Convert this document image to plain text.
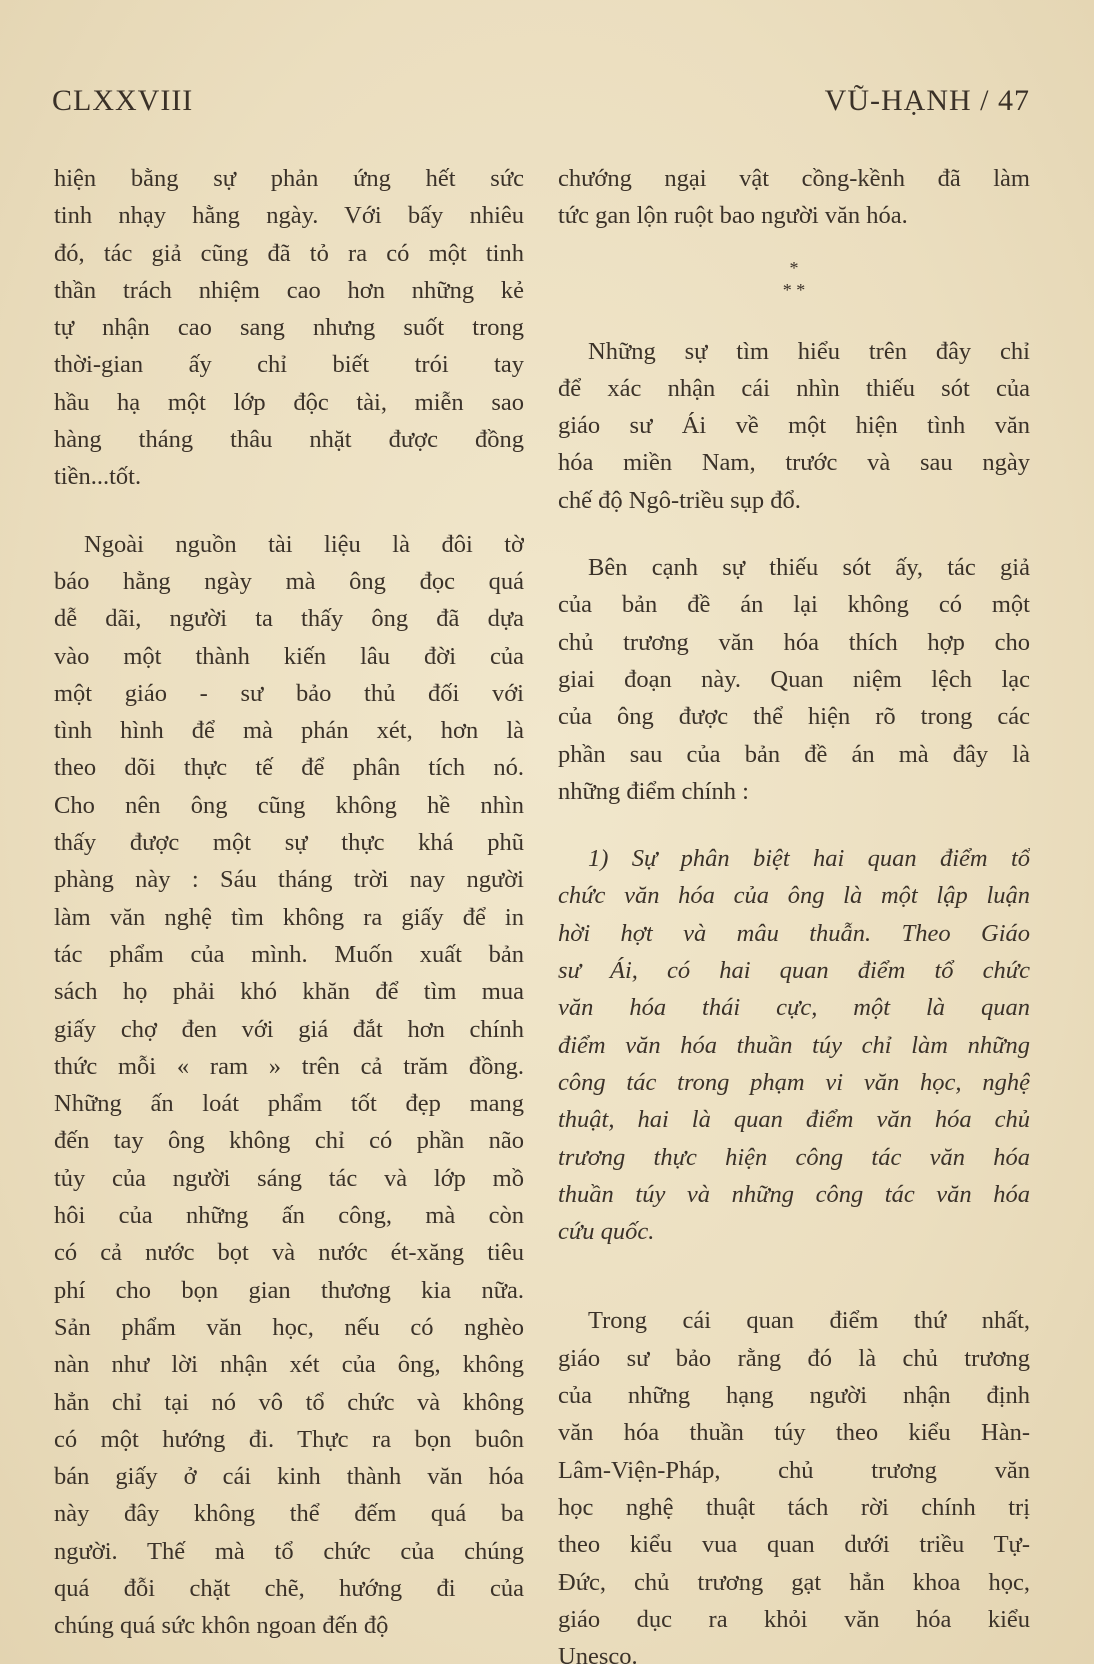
CLXXVIII	VŨ-HẠNH / 47
hiện bằng sự phản ứng hết sức
tinh nhạy hằng ngày. Với bấy nhiêu
đó, tác giả cũng đã tỏ ra có một tinh
thần trách nhiệm cao hơn những kẻ
tự nhận cao sang nhưng suốt trong
thời-gian ấy chỉ biết trói tay
hầu hạ một lớp độc tài, miễn sao
hàng tháng thâu nhặt được đồng
tiền...tốt.
Ngoài nguồn tài liệu là đôi tờ
báo hằng ngày mà ông đọc quá
dễ dãi, người ta thấy ông đã dựa
vào một thành kiến lâu đời của
một giáo - sư bảo thủ đối với
tình hình để mà phán xét, hơn là
theo dõi thực tế để phân tích nó.
Cho nên ông cũng không hề nhìn
thấy được một sự thực khá phũ
phàng này : Sáu tháng trời nay người
làm văn nghệ tìm không ra giấy để in
tác phẩm của mình. Muốn xuất bản
sách họ phải khó khăn để tìm mua
giấy chợ đen với giá đắt hơn chính
thức mỗi « ram » trên cả trăm đồng.
Những ấn loát phẩm tốt đẹp mang
đến tay ông không chỉ có phần não
tủy của người sáng tác và lớp mồ
hôi của những ấn công, mà còn
có cả nước bọt và nước ét-xăng tiêu
phí cho bọn gian thương kia nữa.
Sản phẩm văn học, nếu có nghèo
nàn như lời nhận xét của ông, không
hẳn chỉ tại nó vô tổ chức và không
có một hướng đi. Thực ra bọn buôn
bán giấy ở cái kinh thành văn hóa
này đây không thể đếm quá ba
người. Thế mà tổ chức của chúng
quá đỗi chặt chẽ, hướng đi của
chúng quá sức khôn ngoan đến độ
chướng ngại vật cồng-kềnh đã làm
tức gan lộn ruột bao người văn hóa.
*
* *
Những sự tìm hiểu trên đây chỉ
để xác nhận cái nhìn thiếu sót của
giáo sư Ái về một hiện tình văn
hóa miền Nam, trước và sau ngày
chế độ Ngô-triều sụp đổ.
Bên cạnh sự thiếu sót ấy, tác giả
của bản đề án lại không có một
chủ trương văn hóa thích hợp cho
giai đoạn này. Quan niệm lệch lạc
của ông được thể hiện rõ trong các
phần sau của bản đề án mà đây là
những điểm chính :
1) Sự phân biệt hai quan điểm tổ
chức văn hóa của ông là một lập luận
hời hợt và mâu thuẫn. Theo Giáo
sư Ái, có hai quan điểm tổ chức
văn hóa thái cực, một là quan
điểm văn hóa thuần túy chỉ làm những
công tác trong phạm vi văn học, nghệ
thuật, hai là quan điểm văn hóa chủ
trương thực hiện công tác văn hóa
thuần túy và những công tác văn hóa
cứu quốc.
Trong cái quan điểm thứ nhất,
giáo sư bảo rằng đó là chủ trương
của những hạng người nhận định
văn hóa thuần túy theo kiểu Hàn-
Lâm-Viện-Pháp, chủ trương văn
học nghệ thuật tách rời chính trị
theo kiểu vua quan dưới triều Tự-
Đức, chủ trương gạt hẳn khoa học,
giáo dục ra khỏi văn hóa kiểu
Unesco.
